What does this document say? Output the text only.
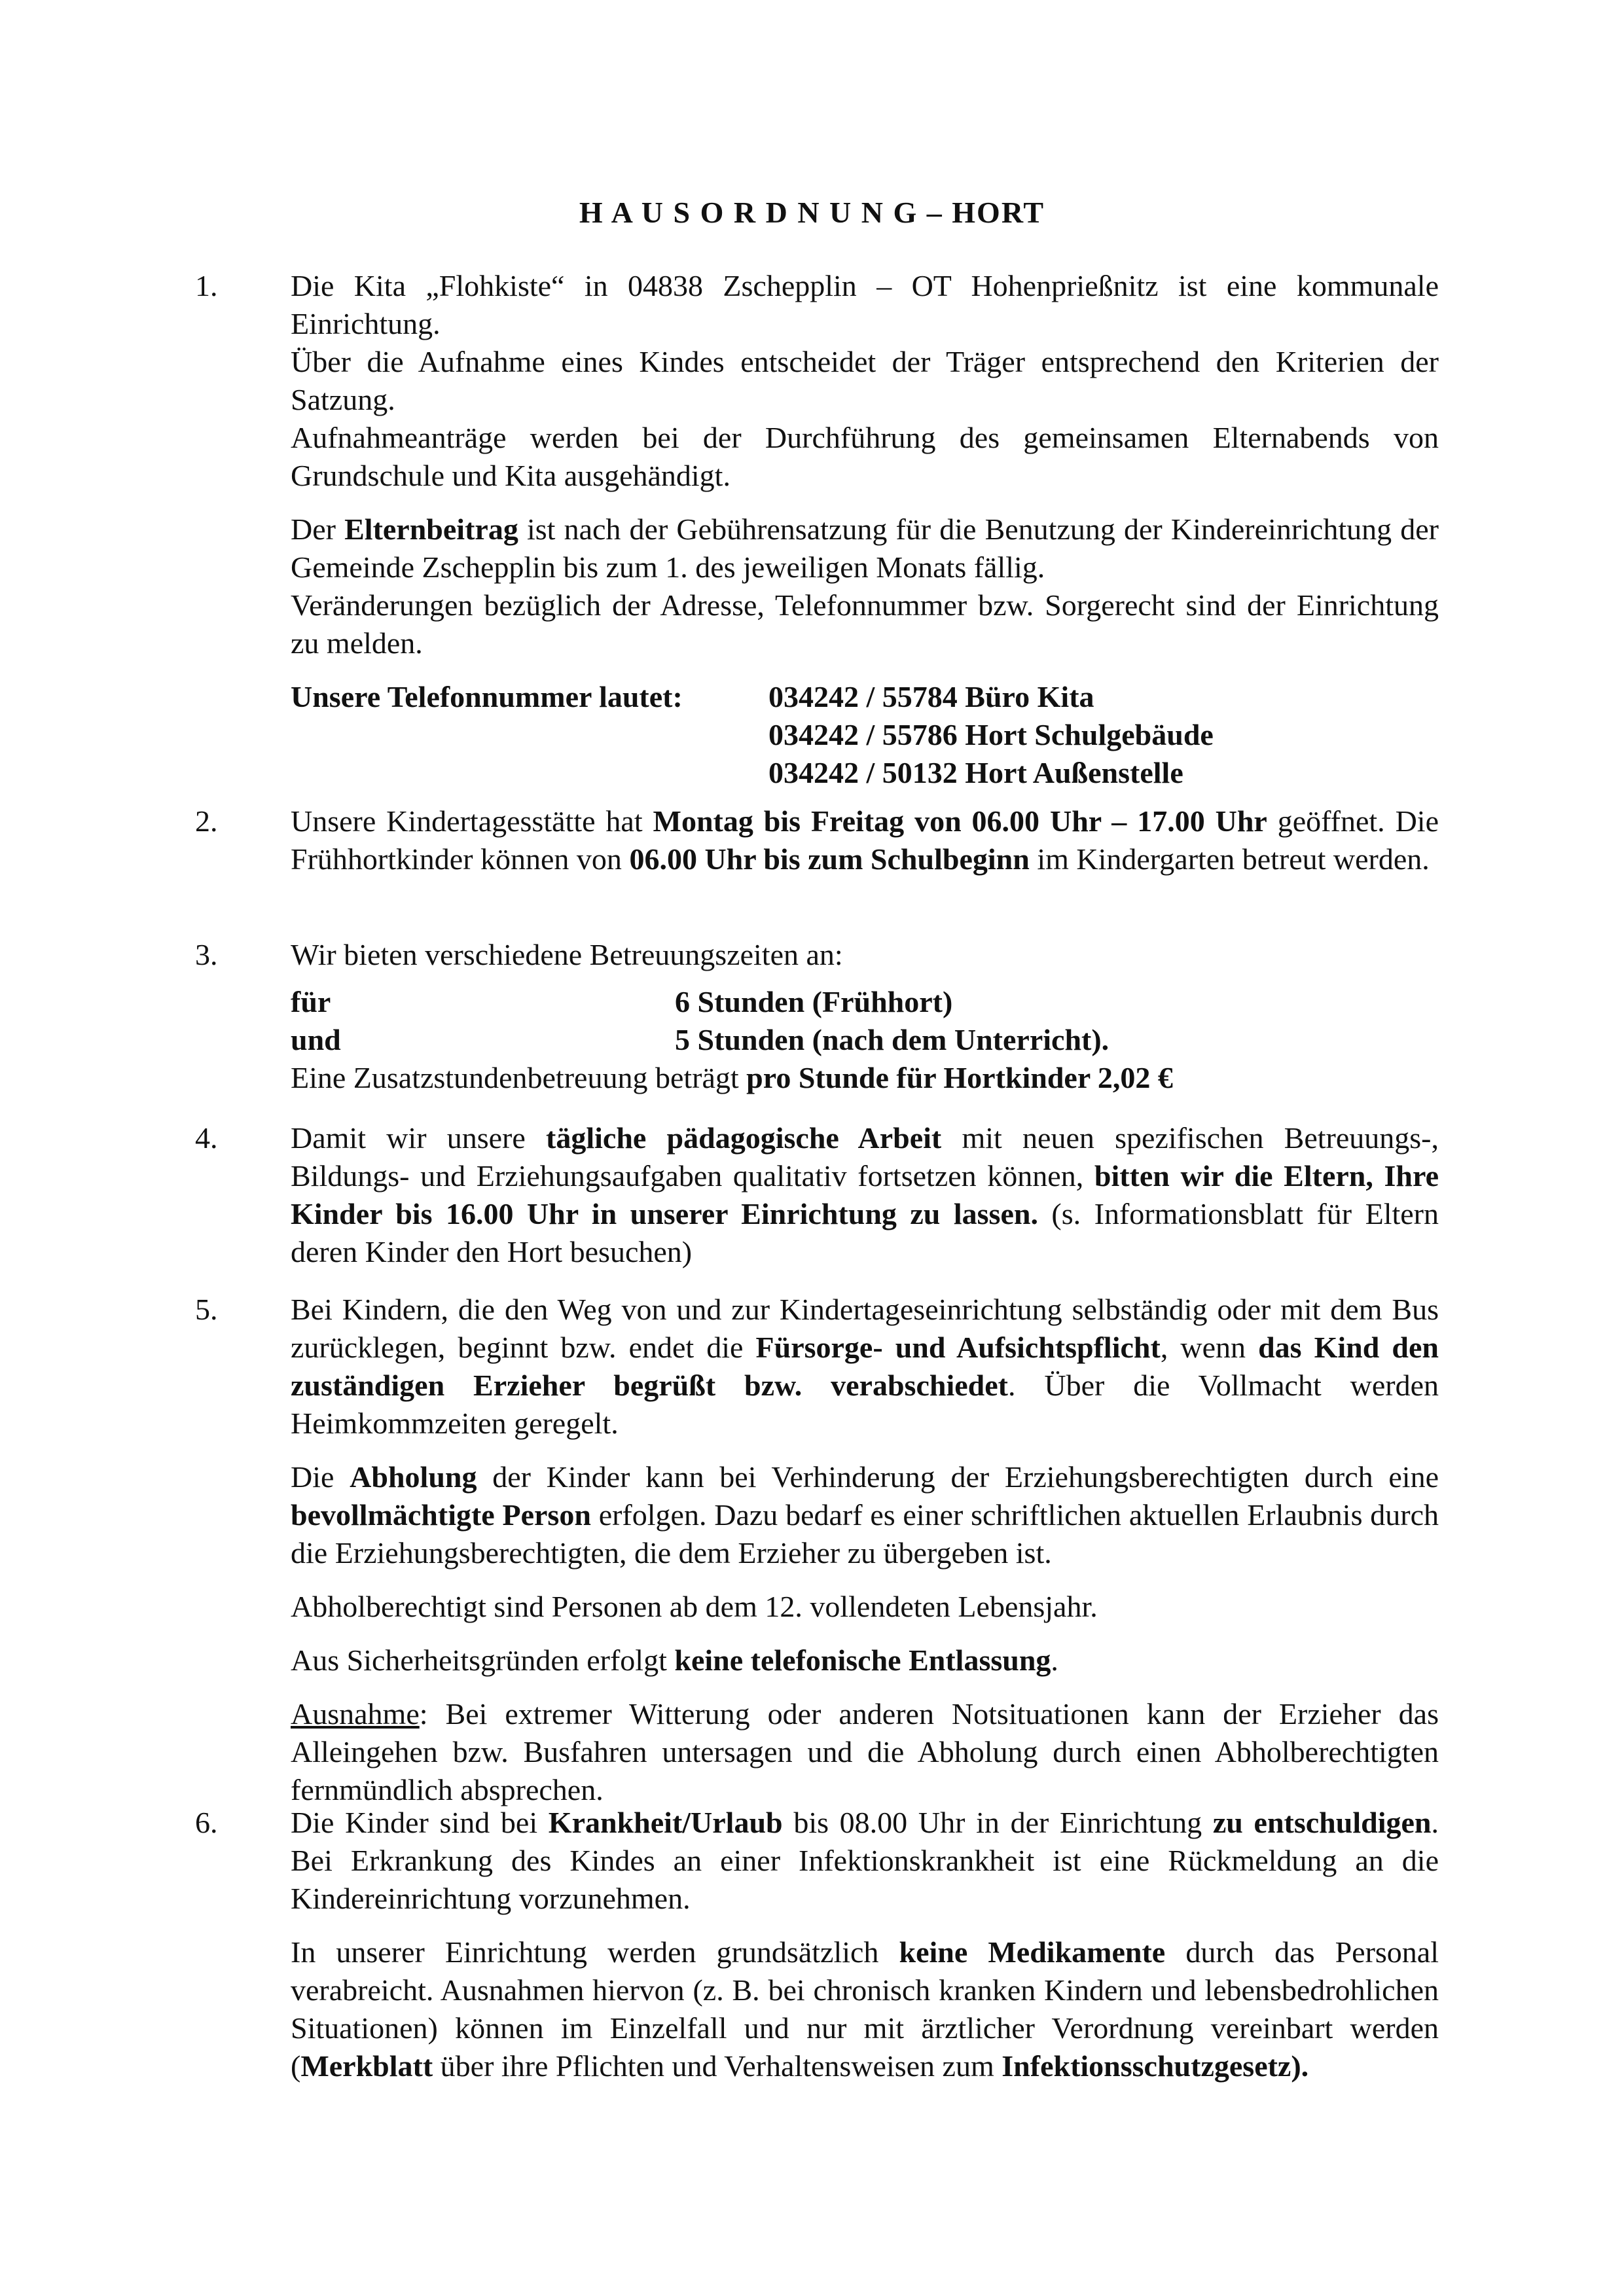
H A U S O R D N U N G – HORT
1. Die Kita „Flohkiste“ in 04838 Zschepplin – OT Hohenprießnitz ist eine kommunale Einrichtung.

Über die Aufnahme eines Kindes entscheidet der Träger entsprechend den Kriterien der Satzung.

Aufnahmeanträge werden bei der Durchführung des gemeinsamen Elternabends von Grundschule und Kita ausgehändigt.

Der Elternbeitrag ist nach der Gebührensatzung für die Benutzung der Kindereinrichtung der Gemeinde Zschepplin bis zum 1. des jeweiligen Monats fällig.

Veränderungen bezüglich der Adresse, Telefonnummer bzw. Sorgerecht sind der Einrichtung zu melden.

Unsere Telefonnummer lautet:	034242 / 55784 Büro Kita
034242 / 55786 Hort Schulgebäude
034242 / 50132 Hort Außenstelle
2. Unsere Kindertagesstätte hat Montag bis Freitag von 06.00 Uhr – 17.00 Uhr geöffnet. Die Frühhortkinder können von 06.00 Uhr bis zum Schulbeginn im Kindergarten betreut werden.

3. Wir bieten verschiedene Betreuungszeiten an:

für	6 Stunden (Frühhort)
und	5 Stunden (nach dem Unterricht).

Eine Zusatzstundenbetreuung beträgt pro Stunde für Hortkinder 2,02 €

4. Damit wir unsere tägliche pädagogische Arbeit mit neuen spezifischen Betreuungs-, Bildungs- und Erziehungsaufgaben qualitativ fortsetzen können, bitten wir die Eltern, Ihre Kinder bis 16.00 Uhr in unserer Einrichtung zu lassen. (s. Informationsblatt für Eltern deren Kinder den Hort besuchen)

5. Bei Kindern, die den Weg von und zur Kindertageseinrichtung selbständig oder mit dem Bus zurücklegen, beginnt bzw. endet die Fürsorge- und Aufsichtspflicht, wenn das Kind den zuständigen Erzieher begrüßt bzw. verabschiedet. Über die Vollmacht werden Heimkommzeiten geregelt.

Die Abholung der Kinder kann bei Verhinderung der Erziehungsberechtigten durch eine bevollmächtigte Person erfolgen. Dazu bedarf es einer schriftlichen aktuellen Erlaubnis durch die Erziehungsberechtigten, die dem Erzieher zu übergeben ist.

Abholberechtigt sind Personen ab dem 12. vollendeten Lebensjahr.

Aus Sicherheitsgründen erfolgt keine telefonische Entlassung.

Ausnahme: Bei extremer Witterung oder anderen Notsituationen kann der Erzieher das Alleingehen bzw. Busfahren untersagen und die Abholung durch einen Abholberechtigten fernmündlich absprechen.

6. Die Kinder sind bei Krankheit/Urlaub bis 08.00 Uhr in der Einrichtung zu entschuldigen. Bei Erkrankung des Kindes an einer Infektionskrankheit ist eine Rückmeldung an die Kindereinrichtung vorzunehmen.

In unserer Einrichtung werden grundsätzlich keine Medikamente durch das Personal verabreicht. Ausnahmen hiervon (z. B. bei chronisch kranken Kindern und lebensbedrohlichen Situationen) können im Einzelfall und nur mit ärztlicher Verordnung vereinbart werden (Merkblatt über ihre Pflichten und Verhaltensweisen zum Infektionsschutzgesetz).
